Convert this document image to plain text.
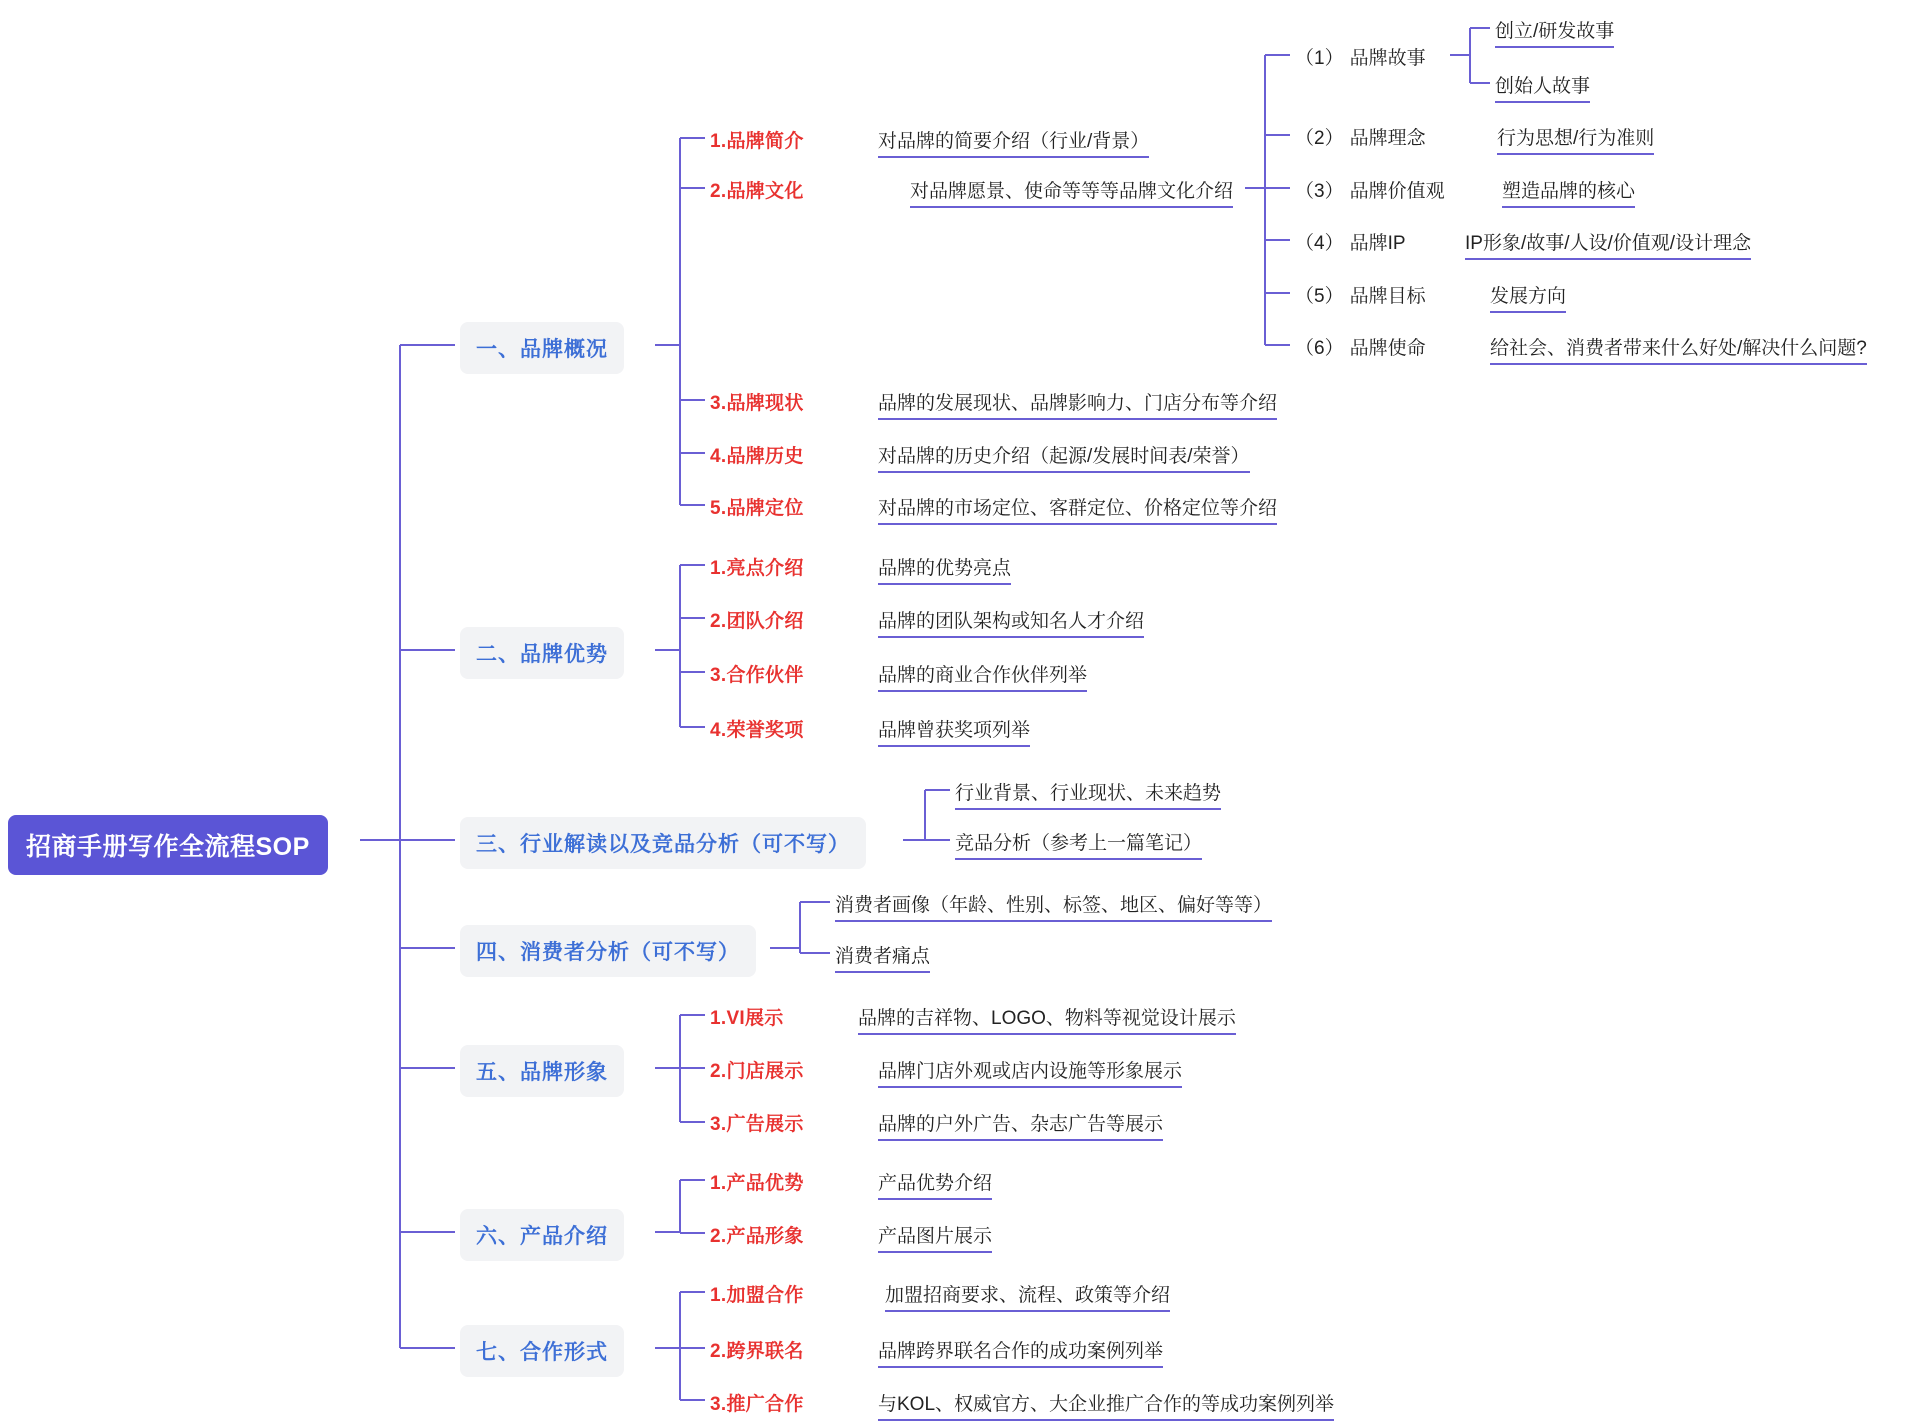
招商手册写作全流程SOP
一、品牌概况
二、品牌优势
三、行业解读以及竞品分析（可不写）
四、消费者分析（可不写）
五、品牌形象
六、产品介绍
七、合作形式
1.品牌简介	对品牌的简要介绍（行业/背景）
2.品牌文化	对品牌愿景、使命等等等品牌文化介绍
3.品牌现状	品牌的发展现状、品牌影响力、门店分布等介绍
4.品牌历史	对品牌的历史介绍（起源/发展时间表/荣誉）
5.品牌定位	对品牌的市场定位、客群定位、价格定位等介绍
（1） 品牌故事
（2） 品牌理念	行为思想/行为准则
（3） 品牌价值观	塑造品牌的核心
（4） 品牌IP	IP形象/故事/人设/价值观/设计理念
（5） 品牌目标	发展方向
（6） 品牌使命	给社会、消费者带来什么好处/解决什么问题?
创立/研发故事
创始人故事
1.亮点介绍	品牌的优势亮点
2.团队介绍	品牌的团队架构或知名人才介绍
3.合作伙伴	品牌的商业合作伙伴列举
4.荣誉奖项	品牌曾获奖项列举
行业背景、行业现状、未来趋势
竞品分析（参考上一篇笔记）
消费者画像（年龄、性别、标签、地区、偏好等等）
消费者痛点
1.VI展示	品牌的吉祥物、LOGO、物料等视觉设计展示
2.门店展示	品牌门店外观或店内设施等形象展示
3.广告展示	品牌的户外广告、杂志广告等展示
1.产品优势	产品优势介绍
2.产品形象	产品图片展示
1.加盟合作	加盟招商要求、流程、政策等介绍
2.跨界联名	品牌跨界联名合作的成功案例列举
3.推广合作	与KOL、权威官方、大企业推广合作的等成功案例列举
